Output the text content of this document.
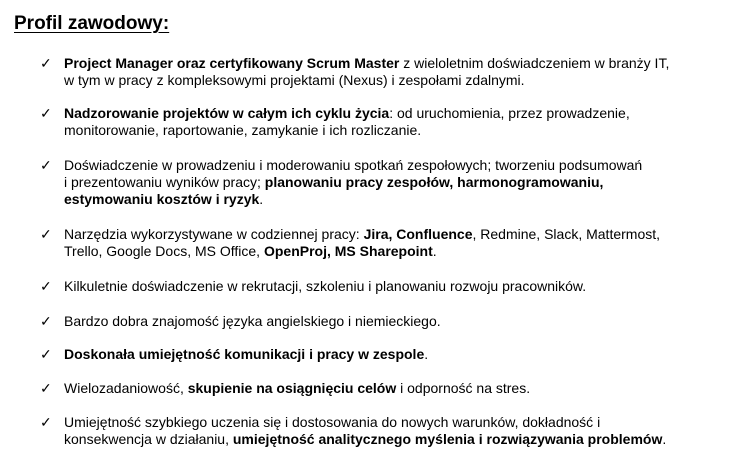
Profil zawodowy:
✓ Project Manager oraz certyfikowany Scrum Master z wieloletnim doświadczeniem w branży IT,
w tym w pracy z kompleksowymi projektami (Nexus) i zespołami zdalnymi.
✓ Nadzorowanie projektów w całym ich cyklu życia: od uruchomienia, przez prowadzenie,
monitorowanie, raportowanie, zamykanie i ich rozliczanie.
✓ Doświadczenie w prowadzeniu i moderowaniu spotkań zespołowych; tworzeniu podsumowań
i prezentowaniu wyników pracy; planowaniu pracy zespołów, harmonogramowaniu,
estymowaniu kosztów i ryzyk.
✓ Narzędzia wykorzystywane w codziennej pracy: Jira, Confluence, Redmine, Slack, Mattermost,
Trello, Google Docs, MS Office, OpenProj, MS Sharepoint.
✓ Kilkuletnie doświadczenie w rekrutacji, szkoleniu i planowaniu rozwoju pracowników.
✓ Bardzo dobra znajomość języka angielskiego i niemieckiego.
✓ Doskonała umiejętność komunikacji i pracy w zespole.
✓ Wielozadaniowość, skupienie na osiągnięciu celów i odporność na stres.
✓ Umiejętność szybkiego uczenia się i dostosowania do nowych warunków, dokładność i
konsekwencja w działaniu, umiejętność analitycznego myślenia i rozwiązywania problemów.
